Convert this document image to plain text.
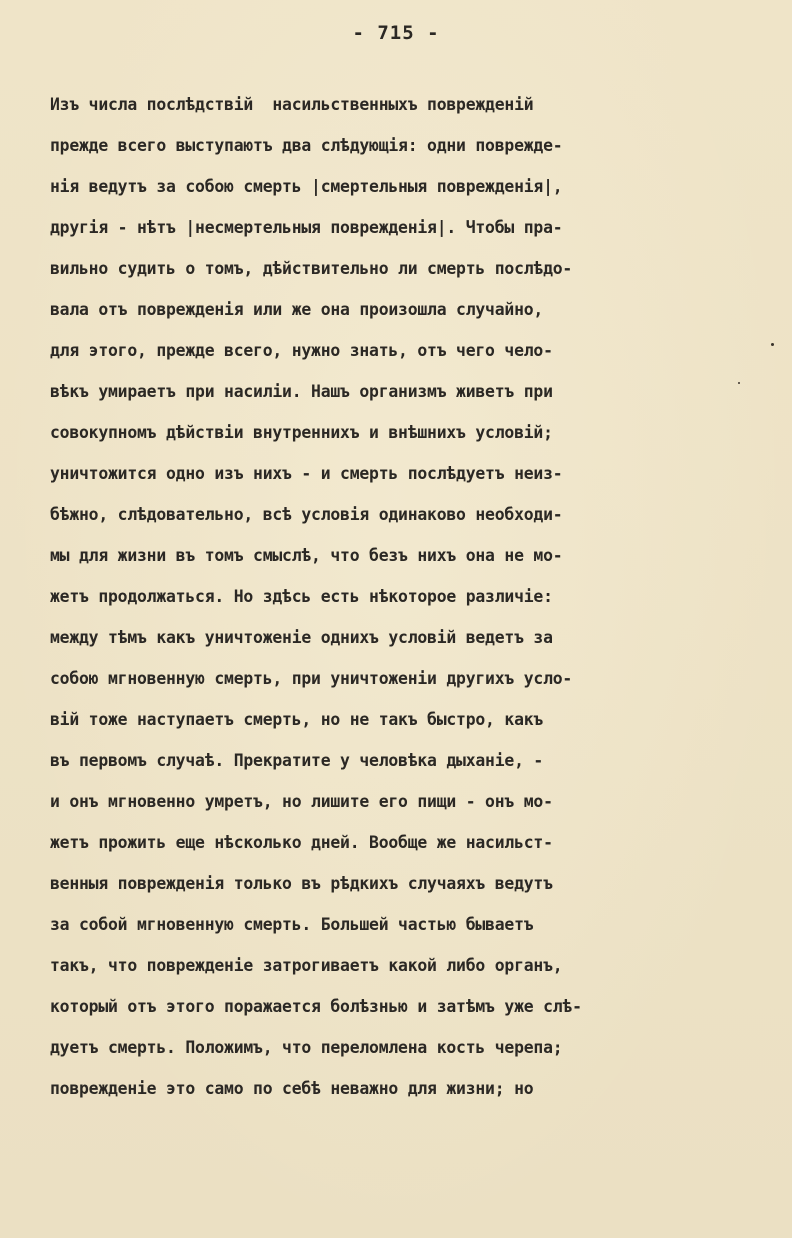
- 715 -
Изъ числа послѣдствій  насильственныхъ поврежденій
прежде всего выступаютъ два слѣдующія: одни поврежде-
нія ведутъ за собою смерть |смертельныя поврежденія|,
другія - нѣтъ |несмертельныя поврежденія|. Чтобы пра-
вильно судить о томъ, дѣйствительно ли смерть послѣдо-
вала отъ поврежденія или же она произошла случайно,
для этого, прежде всего, нужно знать, отъ чего чело-
вѣкъ умираетъ при насиліи. Нашъ организмъ живетъ при
совокупномъ дѣйствіи внутреннихъ и внѣшнихъ условій;
уничтожится одно изъ нихъ - и смерть послѣдуетъ неиз-
бѣжно, слѣдовательно, всѣ условія одинаково необходи-
мы для жизни въ томъ смыслѣ, что безъ нихъ она не мо-
жетъ продолжаться. Но здѣсь есть нѣкоторое различіе:
между тѣмъ какъ уничтоженіе однихъ условій ведетъ за
собою мгновенную смерть, при уничтоженіи другихъ усло-
вій тоже наступаетъ смерть, но не такъ быстро, какъ
въ первомъ случаѣ. Прекратите у человѣка дыханіе, -
и онъ мгновенно умретъ, но лишите его пищи - онъ мо-
жетъ прожить еще нѣсколько дней. Вообще же насильст-
венныя поврежденія только въ рѣдкихъ случаяхъ ведутъ
за собой мгновенную смерть. Большей частью бываетъ
такъ, что поврежденіе затрогиваетъ какой либо органъ,
который отъ этого поражается болѣзнью и затѣмъ уже слѣ-
дуетъ смерть. Положимъ, что переломлена кость черепа;
поврежденіе это само по себѣ неважно для жизни; но
